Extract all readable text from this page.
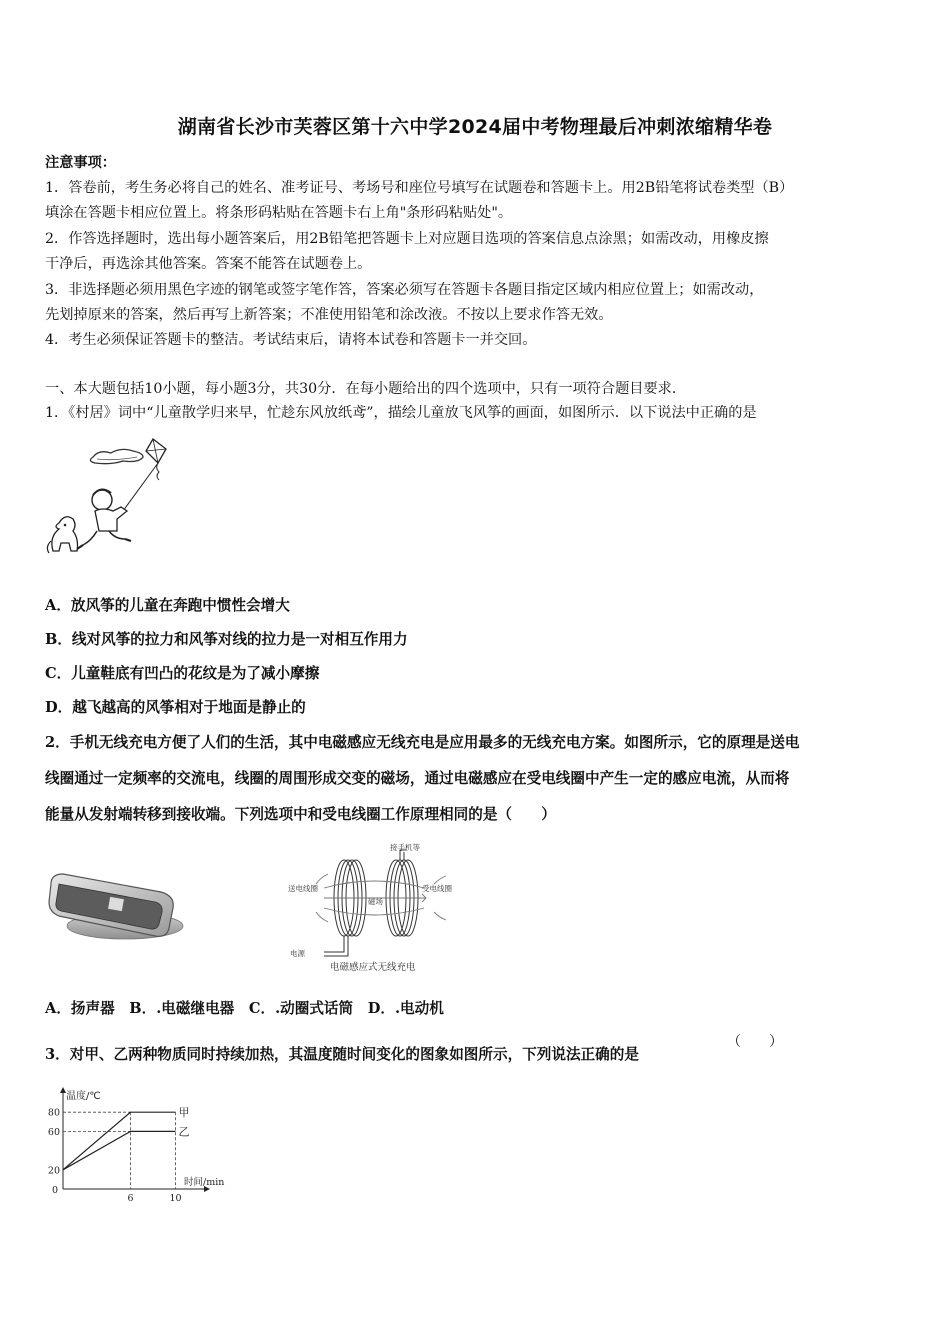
湖南省长沙市芙蓉区第十六中学2024届中考物理最后冲刺浓缩精华卷
注意事项：
1．答卷前，考生务必将自己的姓名、准考证号、考场号和座位号填写在试题卷和答题卡上。用2B铅笔将试卷类型（B）
填涂在答题卡相应位置上。将条形码粘贴在答题卡右上角"条形码粘贴处"。
2．作答选择题时，选出每小题答案后，用2B铅笔把答题卡上对应题目选项的答案信息点涂黑；如需改动，用橡皮擦
干净后，再选涂其他答案。答案不能答在试题卷上。
3．非选择题必须用黑色字迹的钢笔或签字笔作答，答案必须写在答题卡各题目指定区域内相应位置上；如需改动，
先划掉原来的答案，然后再写上新答案；不准使用铅笔和涂改液。不按以上要求作答无效。
4．考生必须保证答题卡的整洁。考试结束后，请将本试卷和答题卡一并交回。
一、本大题包括10小题，每小题3分，共30分．在每小题给出的四个选项中，只有一项符合题目要求．
1．《村居》词中“儿童散学归来早，忙趁东风放纸鸢”，描绘儿童放飞风筝的画面，如图所示．以下说法中正确的是
A．放风筝的儿童在奔跑中惯性会增大
B．线对风筝的拉力和风筝对线的拉力是一对相互作用力
C．儿童鞋底有凹凸的花纹是为了减小摩擦
D．越飞越高的风筝相对于地面是静止的
2．手机无线充电方便了人们的生活，其中电磁感应无线充电是应用最多的无线充电方案。如图所示，它的原理是送电
线圈通过一定频率的交流电，线圈的周围形成交变的磁场，通过电磁感应在受电线圈中产生一定的感应电流，从而将
能量从发射端转移到接收端。下列选项中和受电线圈工作原理相同的是（　　）
接手机等
送电线圈	受电线圈
磁场
电源
电磁感应式无线充电
A．扬声器　B．.电磁继电器　C．.动圈式话筒　D．.电动机
3．对甲、乙两种物质同时持续加热，其温度随时间变化的图象如图所示，下列说法正确的是
（　　）
温度/℃
时间/min
20
60
80
0
6	10
甲
乙
